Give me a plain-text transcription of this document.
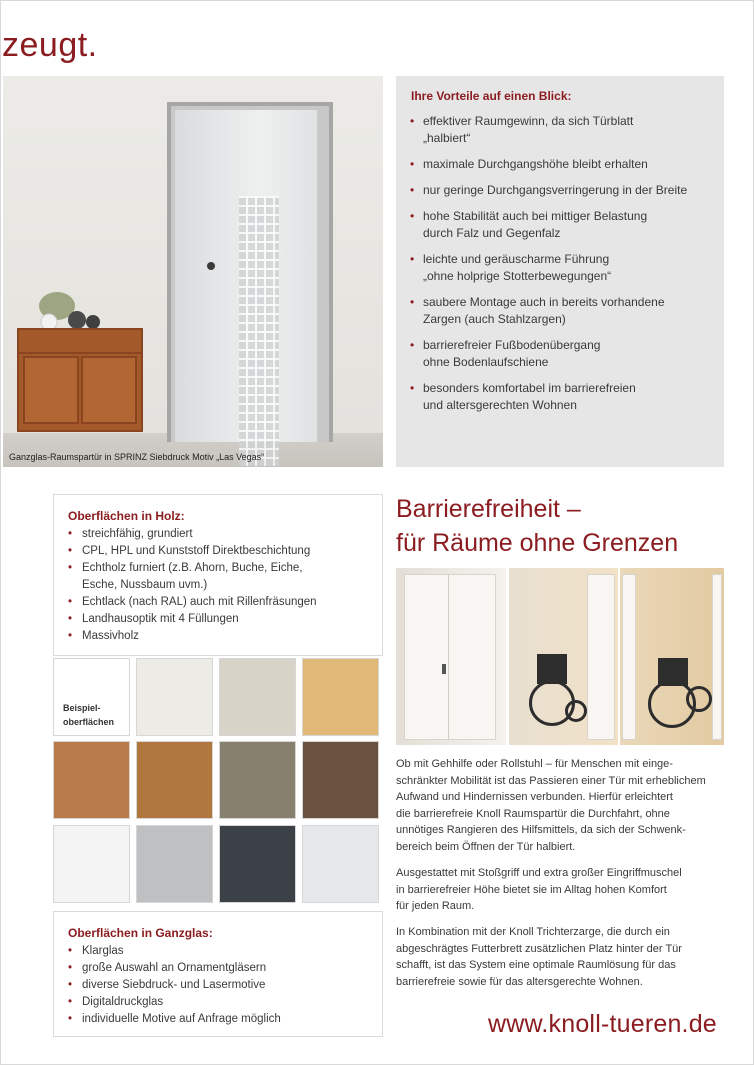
zeugt.
Ganzglas-Raumspartür in SPRINZ Siebdruck Motiv „Las Vegas“
Ihre Vorteile auf einen Blick:
• effektiver Raumgewinn, da sich Türblatt
„halbiert“
• maximale Durchgangshöhe bleibt erhalten
• nur geringe Durchgangsverringerung in der Breite
• hohe Stabilität auch bei mittiger Belastung
durch Falz und Gegenfalz
• leichte und geräuscharme Führung
„ohne holprige Stotterbewegungen“
• saubere Montage auch in bereits vorhandene
Zargen (auch Stahlzargen)
• barrierefreier Fußbodenübergang
ohne Bodenlaufschiene
• besonders komfortabel im barrierefreien
und altersgerechten Wohnen
Oberflächen in Holz:
• streichfähig, grundiert
• CPL, HPL und Kunststoff Direktbeschichtung
• Echtholz furniert (z.B. Ahorn, Buche, Eiche,
Esche, Nussbaum uvm.)
• Echtlack (nach RAL) auch mit Rillenfräsungen
• Landhausoptik mit 4 Füllungen
• Massivholz
Beispiel-
oberflächen
Oberflächen in Ganzglas:
• Klarglas
• große Auswahl an Ornamentgläsern
• diverse Siebdruck- und Lasermotive
• Digitaldruckglas
• individuelle Motive auf Anfrage möglich
Barrierefreiheit –
für Räume ohne Grenzen
Ob mit Gehhilfe oder Rollstuhl – für Menschen mit einge-
schränkter Mobilität ist das Passieren einer Tür mit erheblichem
Aufwand und Hindernissen verbunden. Hierfür erleichtert
die barrierefreie Knoll Raumspartür die Durchfahrt, ohne
unnötiges Rangieren des Hilfsmittels, da sich der Schwenk-
bereich beim Öffnen der Tür halbiert.
Ausgestattet mit Stoßgriff und extra großer Eingriffmuschel
in barrierefreier Höhe bietet sie im Alltag hohen Komfort
für jeden Raum.
In Kombination mit der Knoll Trichterzarge, die durch ein
abgeschrägtes Futterbrett zusätzlichen Platz hinter der Tür
schafft, ist das System eine optimale Raumlösung für das
barrierefreie sowie für das altersgerechte Wohnen.
www.knoll-tueren.de
